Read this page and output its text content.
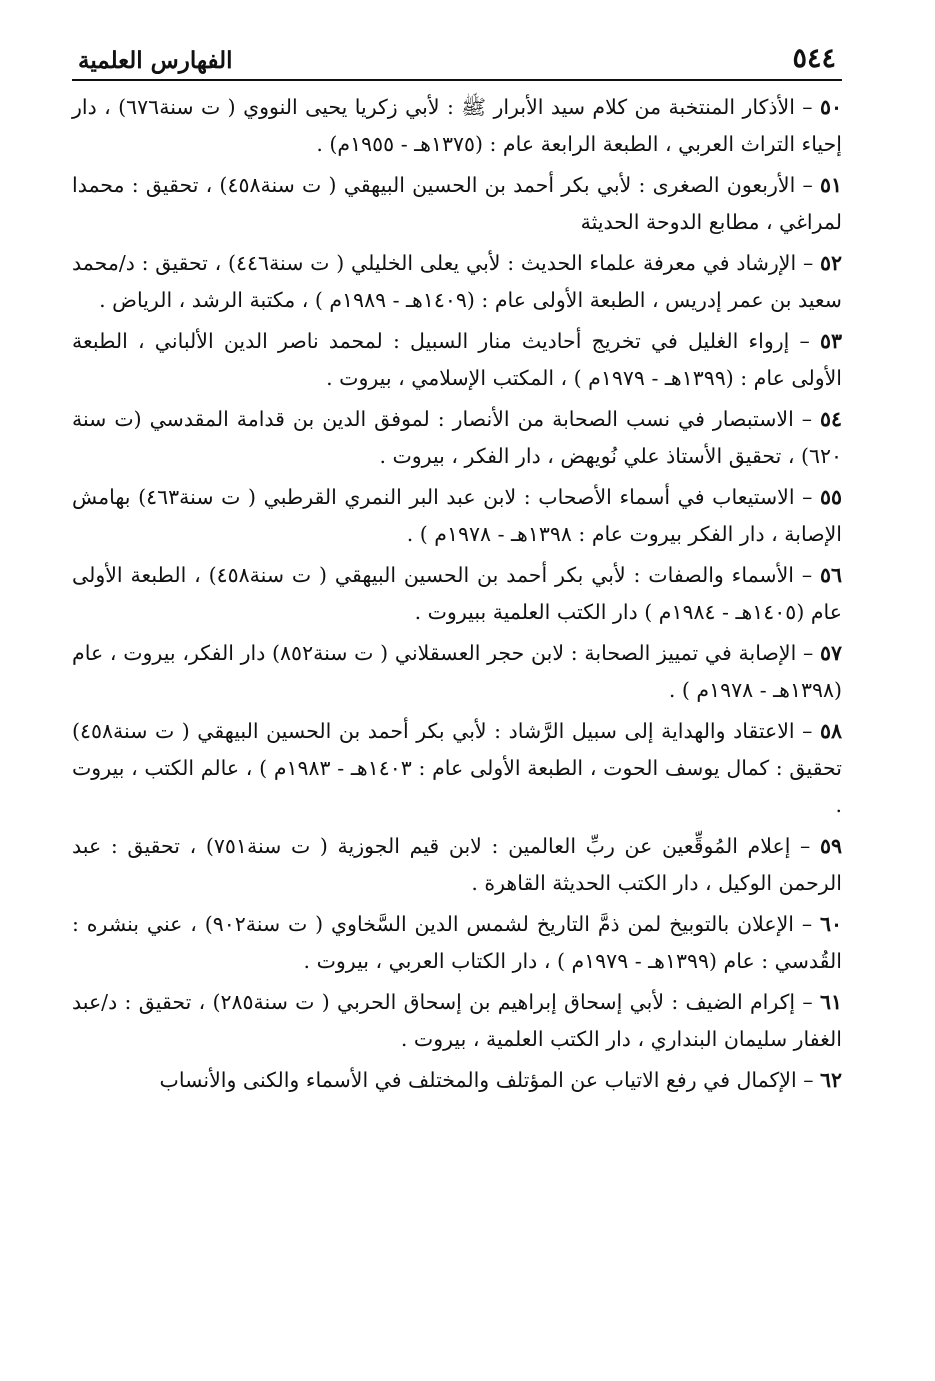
٥٤٤
الفهارس العلمية

٥٠ – الأذكار المنتخبة من كلام سيد الأبرار ﷺ : لأبي زكريا يحيى النووي ( ت سنة٦٧٦) ، دار إحياء التراث العربي ، الطبعة الرابعة عام : (١٣٧٥هـ - ١٩٥٥م) .

٥١ – الأربعون الصغرى : لأبي بكر أحمد بن الحسين البيهقي ( ت سنة٤٥٨) ، تحقيق : محمدا لمراغي ، مطابع الدوحة الحديثة

٥٢ – الإرشاد في معرفة علماء الحديث : لأبي يعلى الخليلي ( ت سنة٤٤٦) ، تحقيق : د/محمد سعيد بن عمر إدريس ، الطبعة الأولى عام : (١٤٠٩هـ - ١٩٨٩م ) ، مكتبة الرشد ، الرياض .

٥٣ – إرواء الغليل في تخريج أحاديث منار السبيل : لمحمد ناصر الدين الألباني ، الطبعة الأولى عام : (١٣٩٩هـ - ١٩٧٩م ) ، المكتب الإسلامي ، بيروت .

٥٤ – الاستبصار في نسب الصحابة من الأنصار : لموفق الدين بن قدامة المقدسي (ت سنة ٦٢٠) ، تحقيق الأستاذ علي نُويهض ، دار الفكر ، بيروت .

٥٥ – الاستيعاب في أسماء الأصحاب : لابن عبد البر النمري القرطبي ( ت سنة٤٦٣) بهامش الإصابة ، دار الفكر بيروت عام : ١٣٩٨هـ - ١٩٧٨م ) .

٥٦ – الأسماء والصفات : لأبي بكر أحمد بن الحسين البيهقي ( ت سنة٤٥٨) ، الطبعة الأولى عام (١٤٠٥هـ - ١٩٨٤م ) دار الكتب العلمية ببيروت .

٥٧ – الإصابة في تمييز الصحابة : لابن حجر العسقلاني ( ت سنة٨٥٢) دار الفكر، بيروت ، عام (١٣٩٨هـ - ١٩٧٨م ) .

٥٨ – الاعتقاد والهداية إلى سبيل الرَّشاد : لأبي بكر أحمد بن الحسين البيهقي ( ت سنة٤٥٨) تحقيق : كمال يوسف الحوت ، الطبعة الأولى عام : ١٤٠٣هـ - ١٩٨٣م ) ، عالم الكتب ، بيروت .

٥٩ – إعلام المُوقِّعين عن ربِّ العالمين : لابن قيم الجوزية ( ت سنة٧٥١) ، تحقيق : عبد الرحمن الوكيل ، دار الكتب الحديثة القاهرة .

٦٠ – الإعلان بالتوبيخ لمن ذمَّ التاريخ لشمس الدين السَّخاوي ( ت سنة٩٠٢) ، عني بنشره : القُدسي : عام (١٣٩٩هـ - ١٩٧٩م ) ، دار الكتاب العربي ، بيروت .

٦١ – إكرام الضيف : لأبي إسحاق إبراهيم بن إسحاق الحربي ( ت سنة٢٨٥) ، تحقيق : د/عبد الغفار سليمان البنداري ، دار الكتب العلمية ، بيروت .

٦٢ – الإكمال في رفع الاتياب عن المؤتلف والمختلف في الأسماء والكنى والأنساب
